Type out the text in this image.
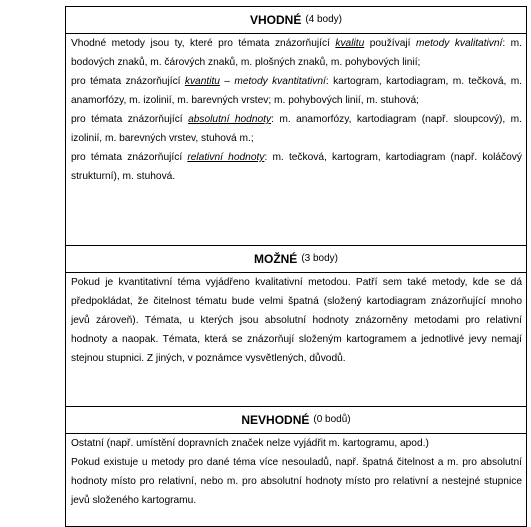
VHODNÉ (4 body)

Vhodné metody jsou ty, které pro témata znázorňující kvalitu používají metody kvalitativní: m. bodových znaků, m. čárových znaků, m. plošných znaků, m. pohybových linií;

pro témata znázorňující kvantitu – metody kvantitativní: kartogram, kartodiagram, m. tečková, m. anamorfózy, m. izolinií, m. barevných vrstev; m. pohybových linií, m. stuhová;

pro témata znázorňující absolutní hodnoty: m. anamorfózy, kartodiagram (např. sloupcový), m. izolinií, m. barevných vrstev, stuhová m.;

pro témata znázorňující relativní hodnoty: m. tečková, kartogram, kartodiagram (např. koláčový strukturní), m. stuhová.

MOŽNÉ (3 body)

Pokud je kvantitativní téma vyjádřeno kvalitativní metodou. Patří sem také metody, kde se dá předpokládat, že čitelnost tématu bude velmi špatná (složený kartodiagram znázorňující mnoho jevů zároveň). Témata, u kterých jsou absolutní hodnoty znázorněny metodami pro relativní hodnoty a naopak. Témata, která se znázorňují složeným kartogramem a jednotlivé jevy nemají stejnou stupnici. Z jiných, v poznámce vysvětlených, důvodů.

NEVHODNÉ (0 bodů)

Ostatní (např. umístění dopravních značek nelze vyjádřit m. kartogramu, apod.)

Pokud existuje u metody pro dané téma více nesouladů, např. špatná čitelnost a m. pro absolutní hodnoty místo pro relativní, nebo m. pro absolutní hodnoty místo pro relativní a nestejné stupnice jevů složeného kartogramu.
